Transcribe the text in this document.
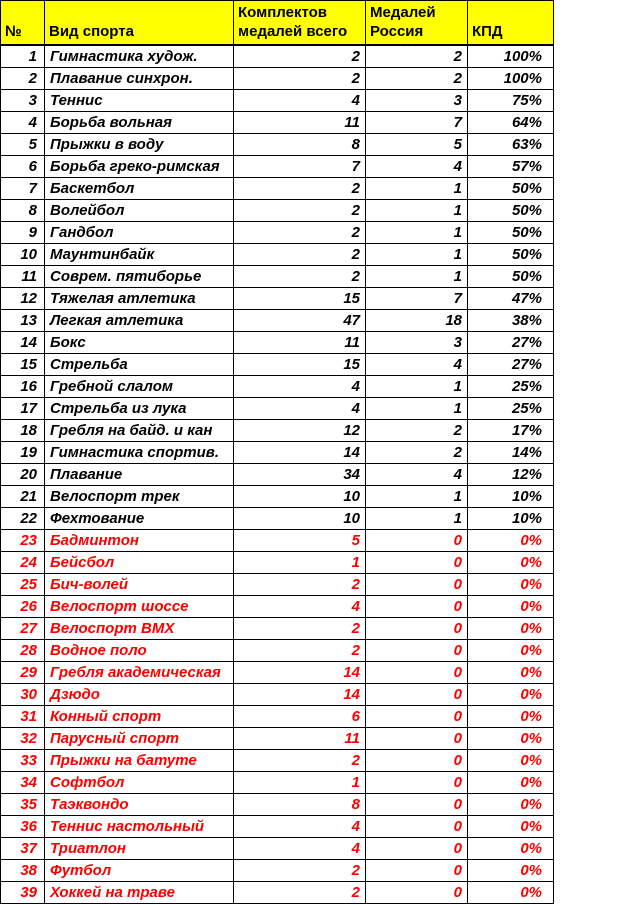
№	Вид спорта	Комплектов медалей всего	Медалей Россия	КПД
1	Гимнастика худож.	2	2	100%
2	Плавание синхрон.	2	2	100%
3	Теннис	4	3	75%
4	Борьба вольная	11	7	64%
5	Прыжки в воду	8	5	63%
6	Борьба греко-римская	7	4	57%
7	Баскетбол	2	1	50%
8	Волейбол	2	1	50%
9	Гандбол	2	1	50%
10	Маунтинбайк	2	1	50%
11	Соврем. пятиборье	2	1	50%
12	Тяжелая атлетика	15	7	47%
13	Легкая атлетика	47	18	38%
14	Бокс	11	3	27%
15	Стрельба	15	4	27%
16	Гребной слалом	4	1	25%
17	Стрельба из лука	4	1	25%
18	Гребля на байд. и кан	12	2	17%
19	Гимнастика спортив.	14	2	14%
20	Плавание	34	4	12%
21	Велоспорт трек	10	1	10%
22	Фехтование	10	1	10%
23	Бадминтон	5	0	0%
24	Бейсбол	1	0	0%
25	Бич-волей	2	0	0%
26	Велоспорт шоссе	4	0	0%
27	Велоспорт BMX	2	0	0%
28	Водное поло	2	0	0%
29	Гребля академическая	14	0	0%
30	Дзюдо	14	0	0%
31	Конный спорт	6	0	0%
32	Парусный спорт	11	0	0%
33	Прыжки на батуте	2	0	0%
34	Софтбол	1	0	0%
35	Таэквондо	8	0	0%
36	Теннис настольный	4	0	0%
37	Триатлон	4	0	0%
38	Футбол	2	0	0%
39	Хоккей на траве	2	0	0%
